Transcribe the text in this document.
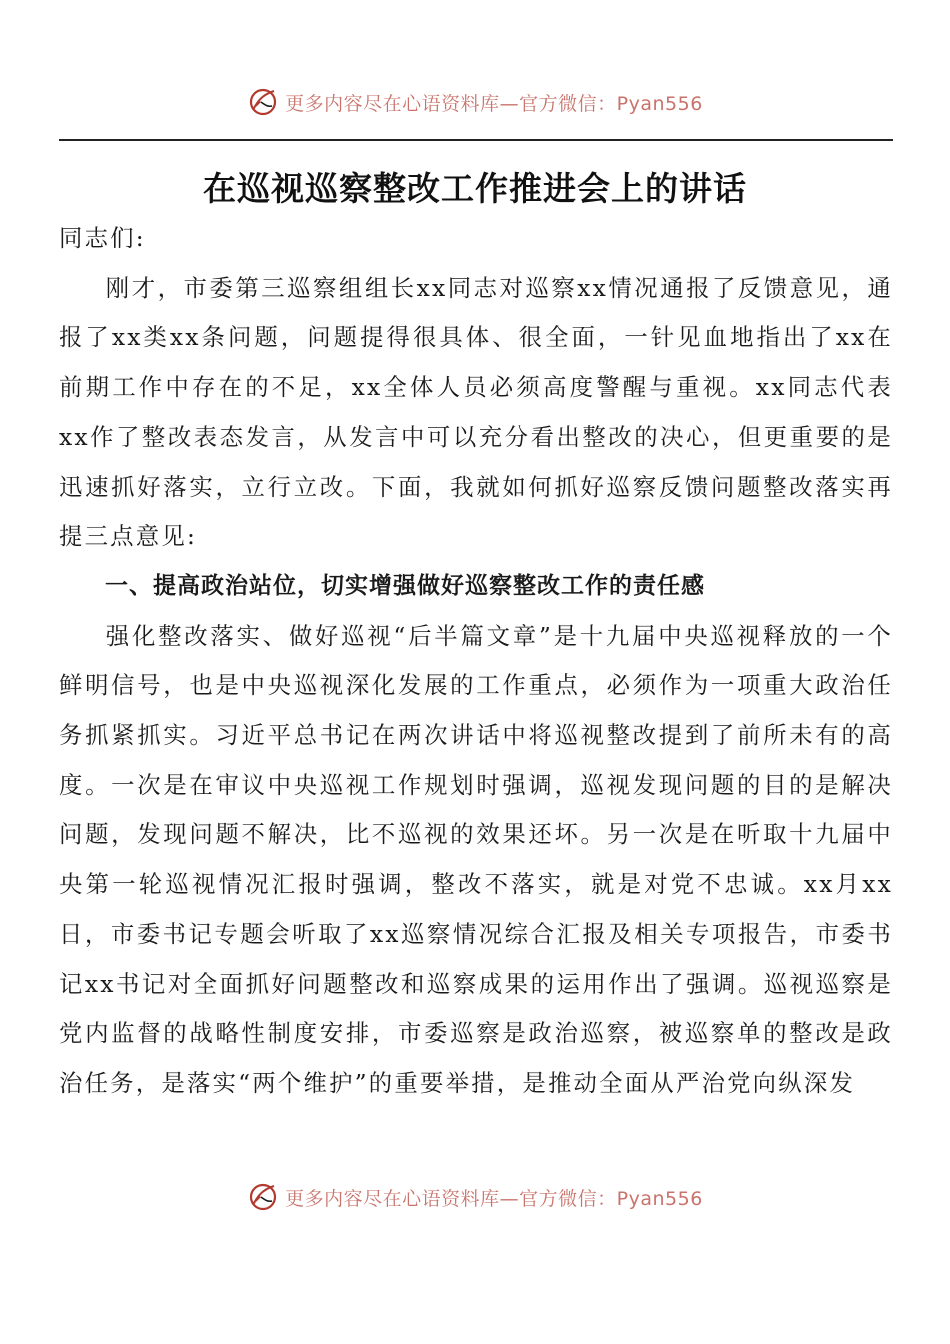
更多内容尽在心语资料库—官方微信：Pyan556
在巡视巡察整改工作推进会上的讲话

同志们:

刚才，市委第三巡察组组长xx同志对巡察xx情况通报了反馈意见，通报了xx类xx条问题，问题提得很具体、很全面，一针见血地指出了xx在前期工作中存在的不足，xx全体人员必须高度警醒与重视。xx同志代表xx作了整改表态发言，从发言中可以充分看出整改的决心，但更重要的是迅速抓好落实，立行立改。下面，我就如何抓好巡察反馈问题整改落实再提三点意见:

一、提高政治站位，切实增强做好巡察整改工作的责任感

强化整改落实、做好巡视“后半篇文章”是十九届中央巡视释放的一个鲜明信号，也是中央巡视深化发展的工作重点，必须作为一项重大政治任务抓紧抓实。习近平总书记在两次讲话中将巡视整改提到了前所未有的高度。一次是在审议中央巡视工作规划时强调，巡视发现问题的目的是解决问题，发现问题不解决，比不巡视的效果还坏。另一次是在听取十九届中央第一轮巡视情况汇报时强调，整改不落实，就是对党不忠诚。xx月xx日，市委书记专题会听取了xx巡察情况综合汇报及相关专项报告，市委书记xx书记对全面抓好问题整改和巡察成果的运用作出了强调。巡视巡察是党内监督的战略性制度安排，市委巡察是政治巡察，被巡察单的整改是政治任务，是落实“两个维护”的重要举措，是推动全面从严治党向纵深发

更多内容尽在心语资料库—官方微信：Pyan556
